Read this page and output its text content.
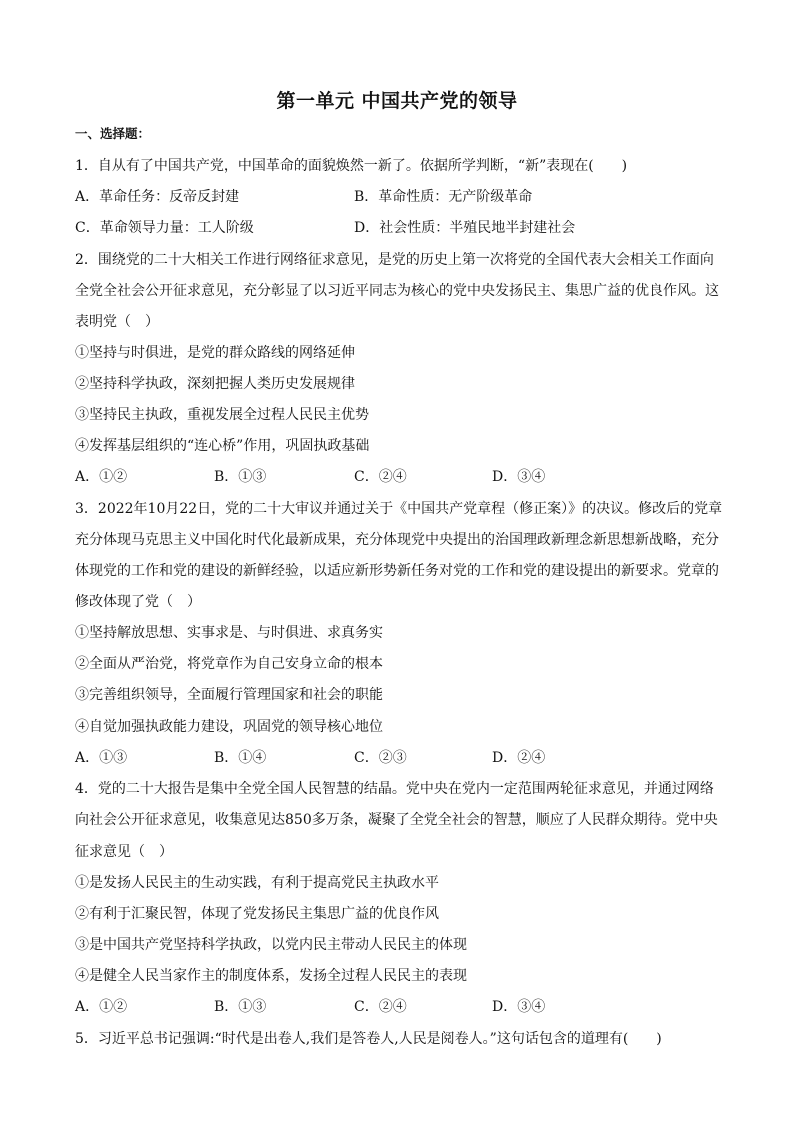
第一单元 中国共产党的领导
一、选择题：
1．自从有了中国共产党，中国革命的面貌焕然一新了。依据所学判断，“新”表现在(　　)
A．革命任务：反帝反封建	B．革命性质：无产阶级革命
C．革命领导力量：工人阶级	D．社会性质：半殖民地半封建社会
2．围绕党的二十大相关工作进行网络征求意见，是党的历史上第一次将党的全国代表大会相关工作面向
全党全社会公开征求意见，充分彰显了以习近平同志为核心的党中央发扬民主、集思广益的优良作风。这
表明党（　）
①坚持与时俱进，是党的群众路线的网络延伸
②坚持科学执政，深刻把握人类历史发展规律
③坚持民主执政，重视发展全过程人民民主优势
④发挥基层组织的“连心桥”作用，巩固执政基础
A．①②	B．①③	C．②④	D．③④
3．2022年10月22日，党的二十大审议并通过关于《中国共产党章程（修正案）》的决议。修改后的党章
充分体现马克思主义中国化时代化最新成果，充分体现党中央提出的治国理政新理念新思想新战略，充分
体现党的工作和党的建设的新鲜经验，以适应新形势新任务对党的工作和党的建设提出的新要求。党章的
修改体现了党（　）
①坚持解放思想、实事求是、与时俱进、求真务实
②全面从严治党，将党章作为自己安身立命的根本
③完善组织领导，全面履行管理国家和社会的职能
④自觉加强执政能力建设，巩固党的领导核心地位
A．①③	B．①④	C．②③	D．②④
4．党的二十大报告是集中全党全国人民智慧的结晶。党中央在党内一定范围两轮征求意见，并通过网络
向社会公开征求意见，收集意见达850多万条，凝聚了全党全社会的智慧，顺应了人民群众期待。党中央
征求意见（　）
①是发扬人民民主的生动实践，有利于提高党民主执政水平
②有利于汇聚民智，体现了党发扬民主集思广益的优良作风
③是中国共产党坚持科学执政，以党内民主带动人民民主的体现
④是健全人民当家作主的制度体系，发扬全过程人民民主的表现
A．①②	B．①③	C．②④	D．③④
5．习近平总书记强调:“时代是出卷人,我们是答卷人,人民是阅卷人。”这句话包含的道理有(　　)
